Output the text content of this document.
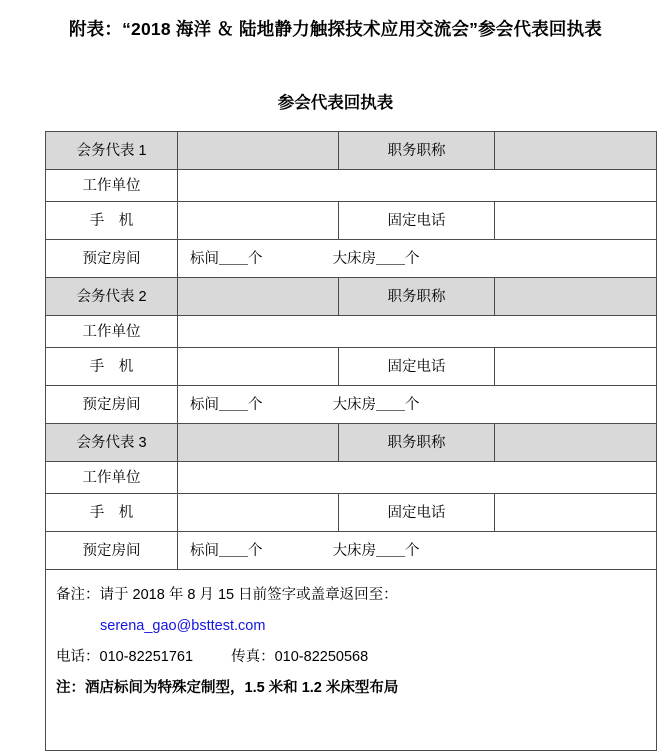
附表：“2018 海洋 ＆ 陆地静力触探技术应用交流会”参会代表回执表
参会代表回执表
会务代表 1		职务职称	
工作单位			
手　机		固定电话	
预定房间	标间＿＿个 大床房＿＿个		
会务代表 2		职务职称	
工作单位			
手　机		固定电话	
预定房间	标间＿＿个 大床房＿＿个		
会务代表 3		职务职称	
工作单位			
手　机		固定电话	
预定房间	标间＿＿个 大床房＿＿个		

备注：请于 2018 年 8 月 15 日前签字或盖章返回至：
serena_gao@bsttest.com
电话：010-82251761 传真：010-82250568
注：酒店标间为特殊定制型，1.5 米和 1.2 米床型布局			
